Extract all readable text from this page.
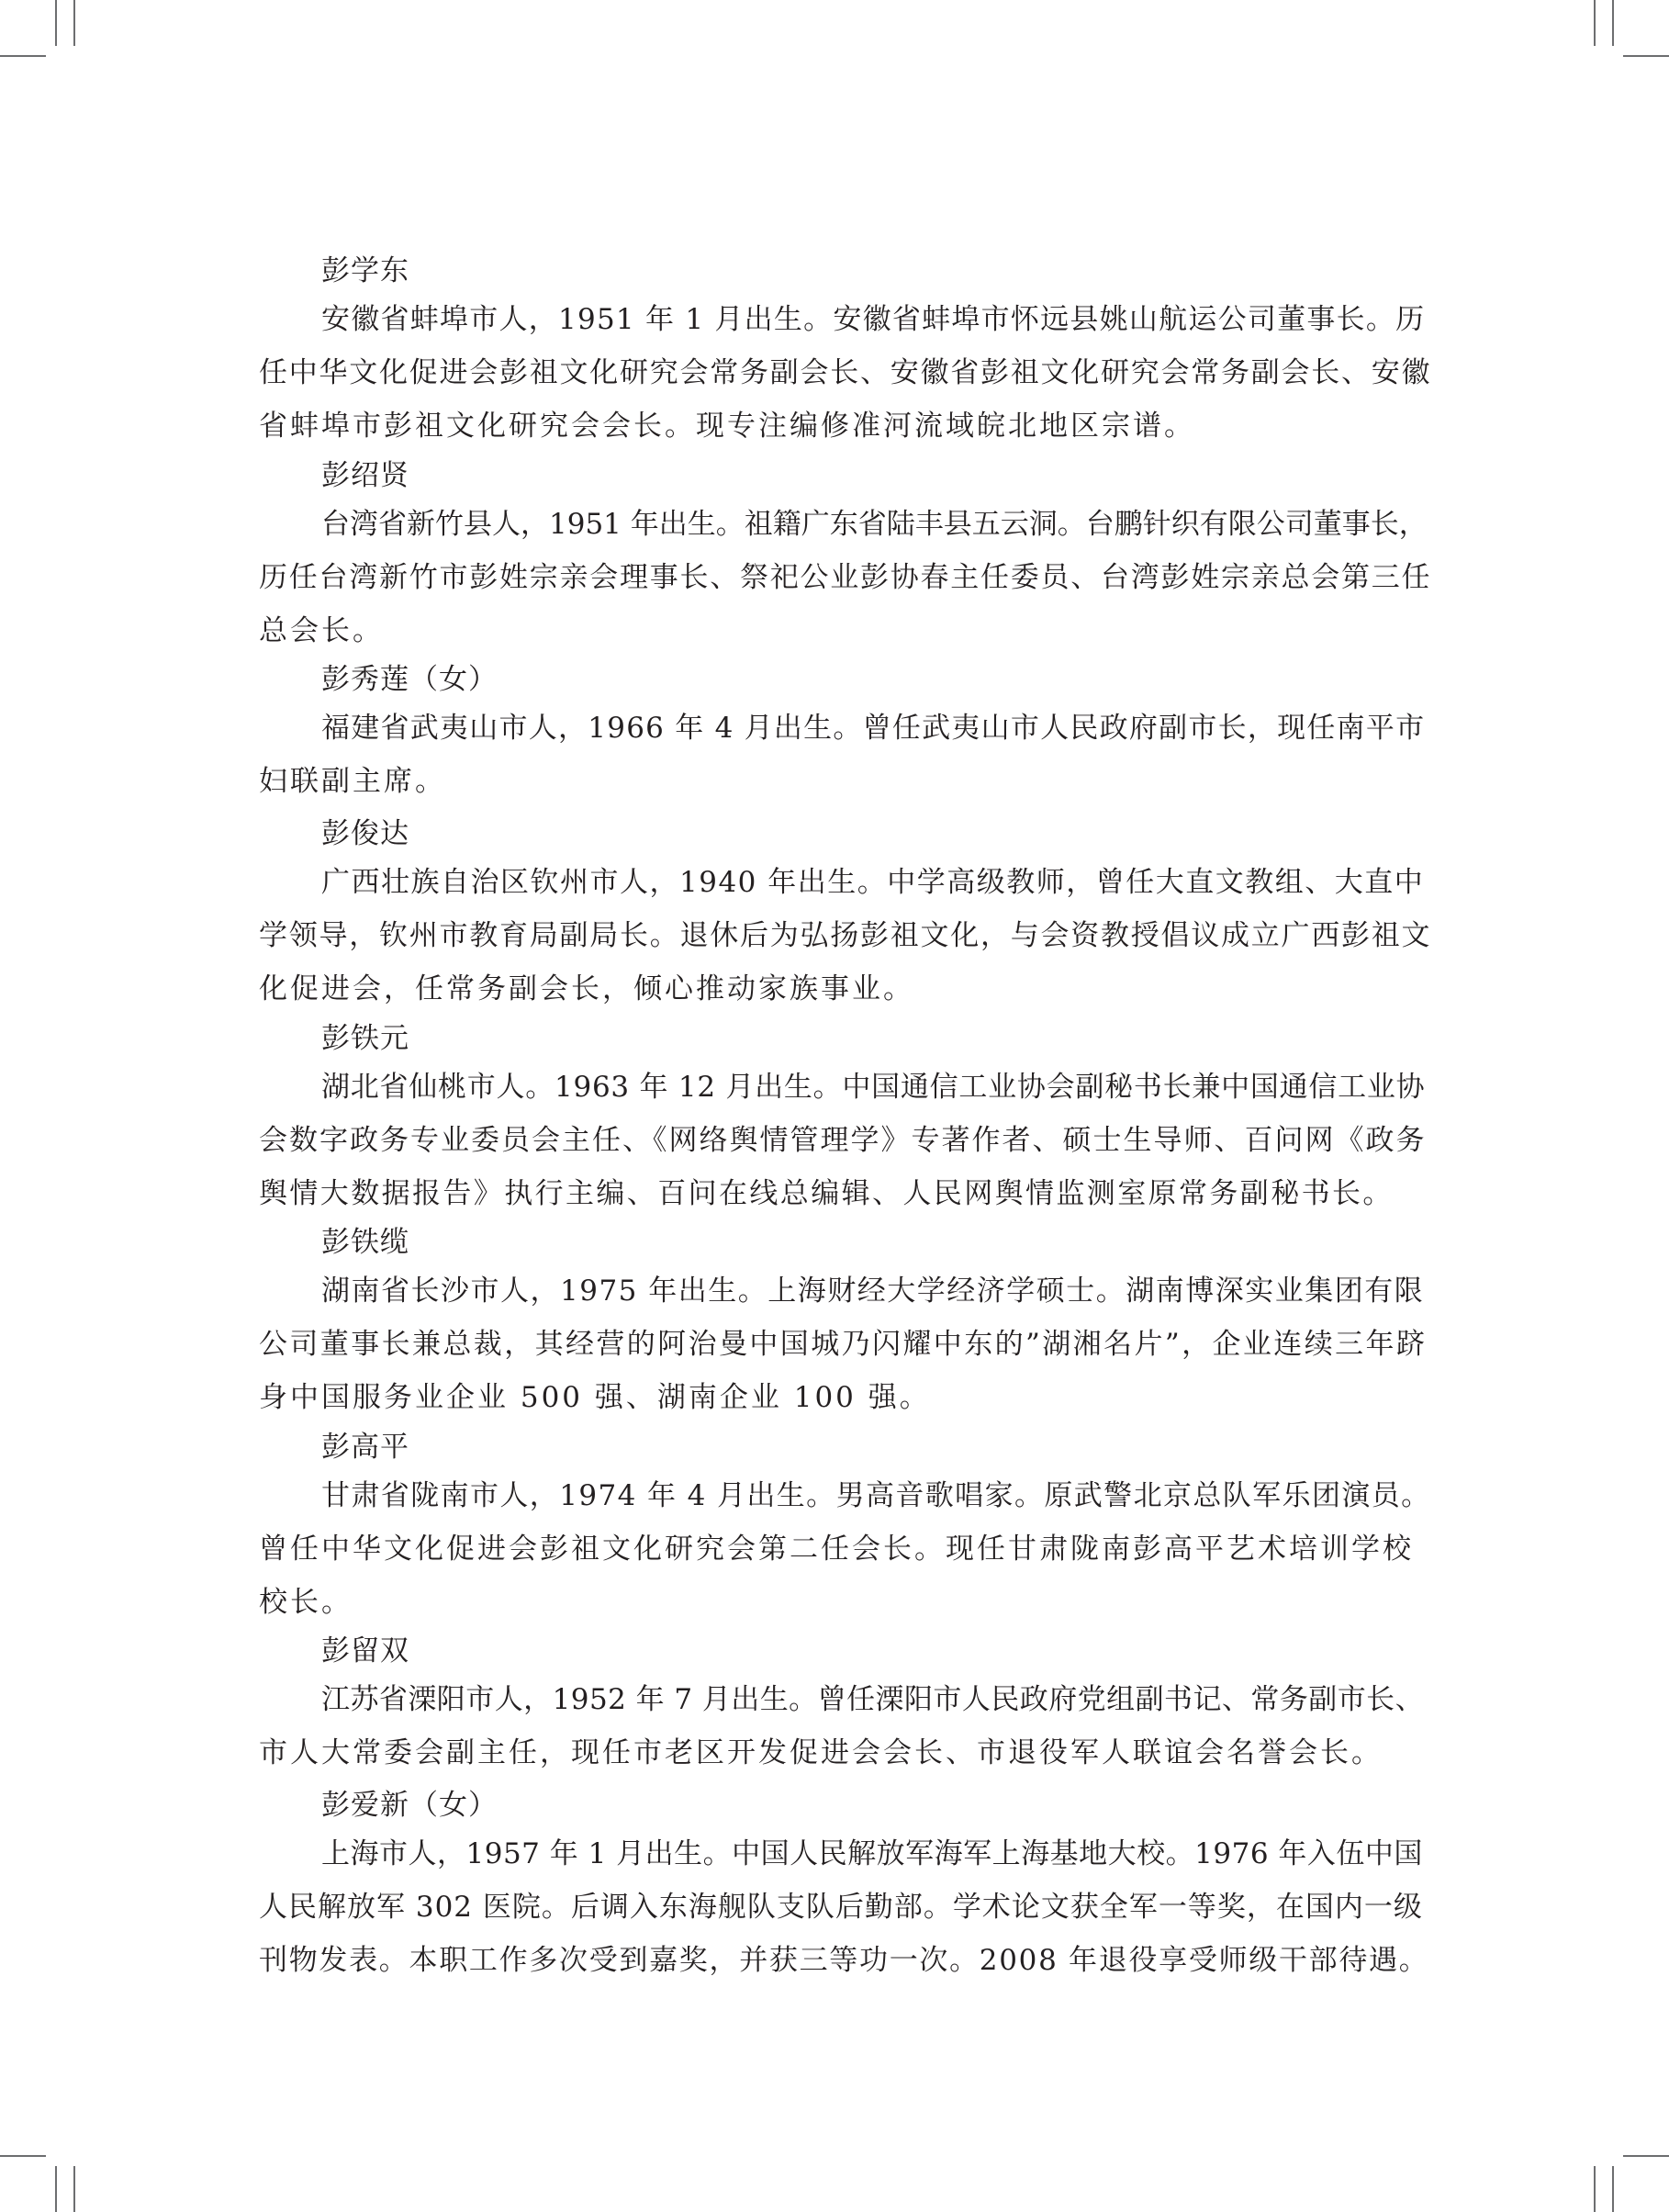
彭学东
安徽省蚌埠市人，1951 年 1 月出生。安徽省蚌埠市怀远县姚山航运公司董事长。历
任中华文化促进会彭祖文化研究会常务副会长、安徽省彭祖文化研究会常务副会长、安徽
省蚌埠市彭祖文化研究会会长。现专注编修准河流域皖北地区宗谱。
彭绍贤
台湾省新竹县人，1951 年出生。祖籍广东省陆丰县五云洞。台鹏针织有限公司董事长，
历任台湾新竹市彭姓宗亲会理事长、祭祀公业彭协春主任委员、台湾彭姓宗亲总会第三任
总会长。
彭秀莲（女）
福建省武夷山市人，1966 年 4 月出生。曾任武夷山市人民政府副市长，现任南平市
妇联副主席。
彭俊达
广西壮族自治区钦州市人，1940 年出生。中学高级教师，曾任大直文教组、大直中
学领导，钦州市教育局副局长。退休后为弘扬彭祖文化，与会资教授倡议成立广西彭祖文
化促进会，任常务副会长，倾心推动家族事业。
彭铁元
湖北省仙桃市人。1963 年 12 月出生。中国通信工业协会副秘书长兼中国通信工业协
会数字政务专业委员会主任、《网络舆情管理学》专著作者、硕士生导师、百问网《政务
舆情大数据报告》执行主编、百问在线总编辑、人民网舆情监测室原常务副秘书长。
彭铁缆
湖南省长沙市人，1975 年出生。上海财经大学经济学硕士。湖南博深实业集团有限
公司董事长兼总裁，其经营的阿治曼中国城乃闪耀中东的”湖湘名片”，企业连续三年跻
身中国服务业企业 500 强、湖南企业 100 强。
彭高平
甘肃省陇南市人，1974 年 4 月出生。男高音歌唱家。原武警北京总队军乐团演员。
曾任中华文化促进会彭祖文化研究会第二任会长。现任甘肃陇南彭高平艺术培训学校
校长。
彭留双
江苏省溧阳市人，1952 年 7 月出生。曾任溧阳市人民政府党组副书记、常务副市长、
市人大常委会副主任，现任市老区开发促进会会长、市退役军人联谊会名誉会长。
彭爱新（女）
上海市人，1957 年 1 月出生。中国人民解放军海军上海基地大校。1976 年入伍中国
人民解放军 302 医院。后调入东海舰队支队后勤部。学术论文获全军一等奖，在国内一级
刊物发表。本职工作多次受到嘉奖，并获三等功一次。2008 年退役享受师级干部待遇。
